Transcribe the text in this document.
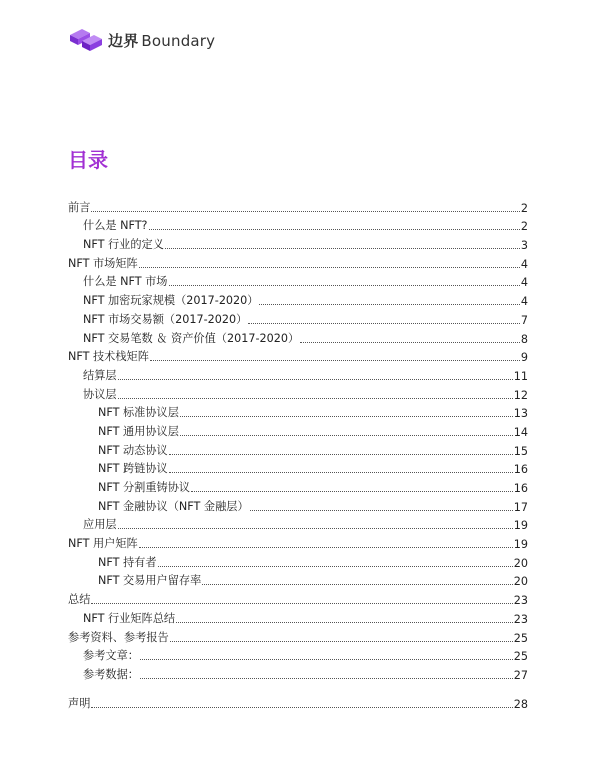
边界 Boundary
目录
前言	2
什么是 NFT?	2
NFT 行业的定义	3
NFT 市场矩阵	4
什么是 NFT 市场	4
NFT 加密玩家规模（2017-2020）	4
NFT 市场交易额（2017-2020）	7
NFT 交易笔数 ＆ 资产价值（2017-2020）	8
NFT 技术栈矩阵	9
结算层	11
协议层	12
NFT 标准协议层	13
NFT 通用协议层	14
NFT 动态协议	15
NFT 跨链协议	16
NFT 分割重铸协议	16
NFT 金融协议（NFT 金融层）	17
应用层	19
NFT 用户矩阵	19
NFT 持有者	20
NFT 交易用户留存率	20
总结	23
NFT 行业矩阵总结	23
参考资料、参考报告	25
参考文章：	25
参考数据：	27
声明	28
